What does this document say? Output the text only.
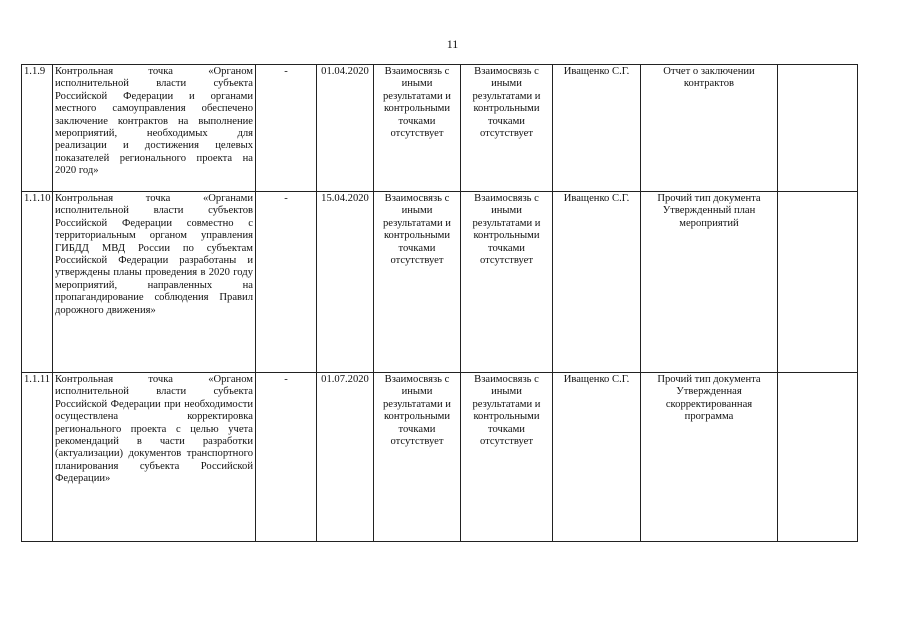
11
1.1.9	Контрольная точка «Органом исполнительной власти субъекта Российской Федерации и органами местного самоуправления обеспечено заключение контрактов на выполнение мероприятий, необходимых для реализации и достижения целевых показателей регионального проекта на 2020 год»	-	01.04.2020	Взаимосвязь с иными результатами и контрольными точками отсутствует	Взаимосвязь с иными результатами и контрольными точками отсутствует	Иващенко С.Г.	Отчет о заключении контрактов	
1.1.10	Контрольная точка «Органами исполнительной власти субъектов Российской Федерации совместно с территориальным органом управления ГИБДД МВД России по субъектам Российской Федерации разработаны и утверждены планы проведения в 2020 году мероприятий, направленных на пропагандирование соблюдения Правил дорожного движения»	-	15.04.2020	Взаимосвязь с иными результатами и контрольными точками отсутствует	Взаимосвязь с иными результатами и контрольными точками отсутствует	Иващенко С.Г.	Прочий тип документа Утвержденный план мероприятий	
1.1.11	Контрольная точка «Органом исполнительной власти субъекта Российской Федерации при необходимости осуществлена корректировка регионального проекта с целью учета рекомендаций в части разработки (актуализации) документов транспортного планирования субъекта Российской Федерации»	-	01.07.2020	Взаимосвязь с иными результатами и контрольными точками отсутствует	Взаимосвязь с иными результатами и контрольными точками отсутствует	Иващенко С.Г.	Прочий тип документа Утвержденная скорректированная программа	
